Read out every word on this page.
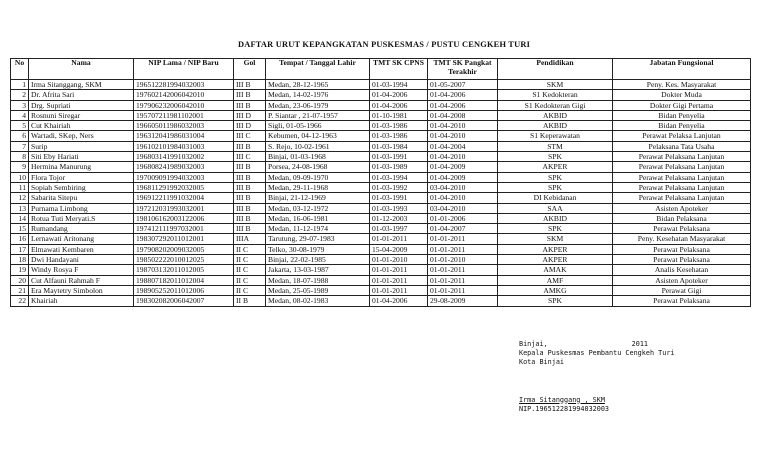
DAFTAR URUT KEPANGKATAN PUSKESMAS / PUSTU CENGKEH TURI
No	Nama	NIP Lama / NIP Baru	Gol	Tempat / Tanggal Lahir	TMT SK CPNS	TMT SK Pangkat Terakhir	Pendidikan	Jabatan Fungsional
1	Irma Sitanggang, SKM	196512281994032003	III B	Medan, 28-12-1965	01-03-1994	01-05-2007	SKM	Peny. Kes. Masyarakat
2	Dr. Afrita Sari	197602142006042010	III B	Medan, 14-02-1976	01-04-2006	01-04-2006	S1 Kedokteran	Dokter Muda
3	Drg. Supriati	197906232006042010	III B	Medan, 23-06-1979	01-04-2006	01-04-2006	S1 Kedokteran Gigi	Dokter Gigi Pertama
4	Rosnuni Siregar	195707211981102001	III D	P. Siantar , 21-07-1957	01-10-1981	01-04-2008	AKBID	Bidan Penyelia
5	Cut Khairiah	196605011986032003	III D	Sigli, 01-05-1966	01-03-1986	01-04-2010	AKBID	Bidan Penyelia
6	Wartadi, SKep, Ners	196312041986031004	III C	Kebumen, 04-12-1963	01-03-1986	01-04-2010	S1 Keperawatan	Perawat Pelaksa Lanjutan
7	Surip	196102101984031003	III B	S. Rejo, 10-02-1961	01-03-1984	01-04-2004	STM	Pelaksana Tata Usaha
8	Siti Eby Hariati	196803141991032002	III C	Binjai, 01-03-1968	01-03-1991	01-04-2010	SPK	Perawat Pelaksana Lanjutan
9	Hermina Manurung	196808241989032003	III B	Porsea, 24-08-1968	01-03-1989	01-04-2009	AKPER	Perawat Pelaksana Lanjutan
10	Flora Tojor	197009091994032003	III B	Medan, 09-09-1970	01-03-1994	01-04-2009	SPK	Perawat Pelaksana Lanjutan
11	Sopiah Sembiring	196811291992032005	III B	Medan, 29-11-1968	01-03-1992	03-04-2010	SPK	Perawat Pelaksana Lanjutan
12	Sabarita Sitepu	196912211991032004	III B	Binjai, 21-12-1969	01-03-1991	01-04-2010	DI Kebidanan	Perawat Pelaksana Lanjutan
13	Purnama Limbong	197212031993032001	III B	Medan, 03-12-1972	01-03-1993	03-04-2010	SAA	Asisten Apoteker
14	Rotua Tuti Meryati.S	198106162003122006	III B	Medan, 16-06-1981	01-12-2003	01-01-2006	AKBID	Bidan Pelaksana
15	Rumandang	197412111997032001	III B	Medan, 11-12-1974	01-03-1997	01-04-2007	SPK	Perawat Pelaksana
16	Lernawati Aritonang	198307292011012001	IIIA	Tarutung, 29-07-1983	01-01-2011	01-01-2011	SKM	Peny. Kesehatan Masyarakat
17	Elmawati Kembaren	197908202009032005	II C	Telko, 30-08-1979	15-04-2009	01-01-2011	AKPER	Perawat Pelaksana
18	Dwi Handayani	198502222010012025	II C	Binjai, 22-02-1985	01-01-2010	01-01-2010	AKPER	Perawat Pelaksana
19	Windy Rosya F	198703132011012005	II C	Jakarta, 13-03-1987	01-01-2011	01-01-2011	AMAK	Analis Kesehatan
20	Cut Alfauni Rahmah F	198807182011012004	II C	Medan, 18-07-1988	01-01-2011	01-01-2011	AMF	Asisten Apoteker
21	Era Maytetry Simbolon	198905252011012006	II C	Medan, 25-05-1989	01-01-2011	01-01-2011	AMKG	Perawat Gigi
22	Khairiah	198302082006042007	II B	Medan, 08-02-1983	01-04-2006	29-08-2009	SPK	Perawat Pelaksana
Binjai,	2011
Kepala Puskesmas Pembantu Cengkeh Turi
Kota Binjai
Irma Sitanggang , SKM
NIP.196512281994032003
